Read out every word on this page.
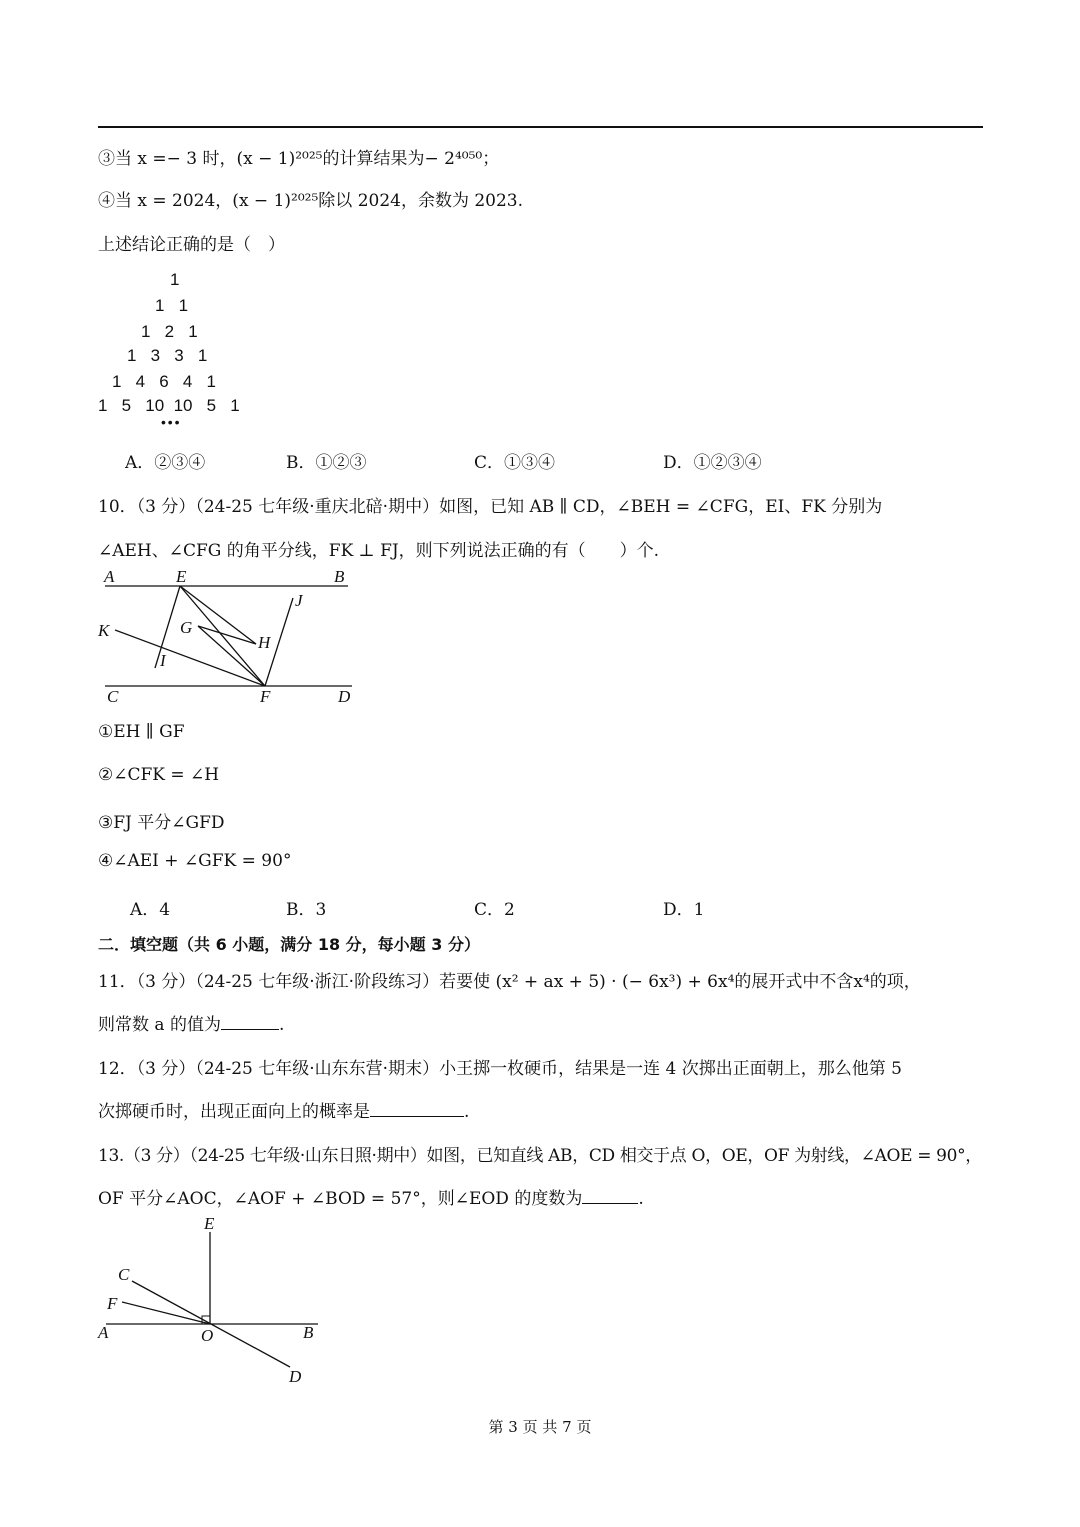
③当 x =− 3 时，(x − 1)²⁰²⁵的计算结果为− 2⁴⁰⁵⁰；
④当 x = 2024，(x − 1)²⁰²⁵除以 2024，余数为 2023.
上述结论正确的是（　）
1
1   1
1   2   1
1   3   3   1
1   4   6   4   1
1   5   10  10   5   1
• • •
A．②③④	B．①②③	C．①③④	D．①②③④
10．（3 分）（24-25 七年级·重庆北碚·期中）如图，已知 AB ∥ CD，∠BEH = ∠CFG，EI、FK 分别为
∠AEH、∠CFG 的角平分线，FK ⊥ FJ，则下列说法正确的有（　　）个.
A	E	B
J
K	G
H
I
C	F	D
①EH ∥ GF
②∠CFK = ∠H
③FJ 平分∠GFD
④∠AEI + ∠GFK = 90°
A．4	B．3	C．2	D．1
二．填空题（共 6 小题，满分 18 分，每小题 3 分）
11．（3 分）（24-25 七年级·浙江·阶段练习）若要使 (x² + ax + 5) · (− 6x³) + 6x⁴的展开式中不含x⁴的项，
则常数 a 的值为	.
12．（3 分）（24-25 七年级·山东东营·期末）小王掷一枚硬币，结果是一连 4 次掷出正面朝上，那么他第 5
次掷硬币时，出现正面向上的概率是	.
13.（3 分）（24-25 七年级·山东日照·期中）如图，已知直线 AB，CD 相交于点 O，OE，OF 为射线，∠AOE = 90°，
OF 平分∠AOC，∠AOF + ∠BOD = 57°，则∠EOD 的度数为	.
E
C
F
A	O	B
D
第 3 页 共 7 页
